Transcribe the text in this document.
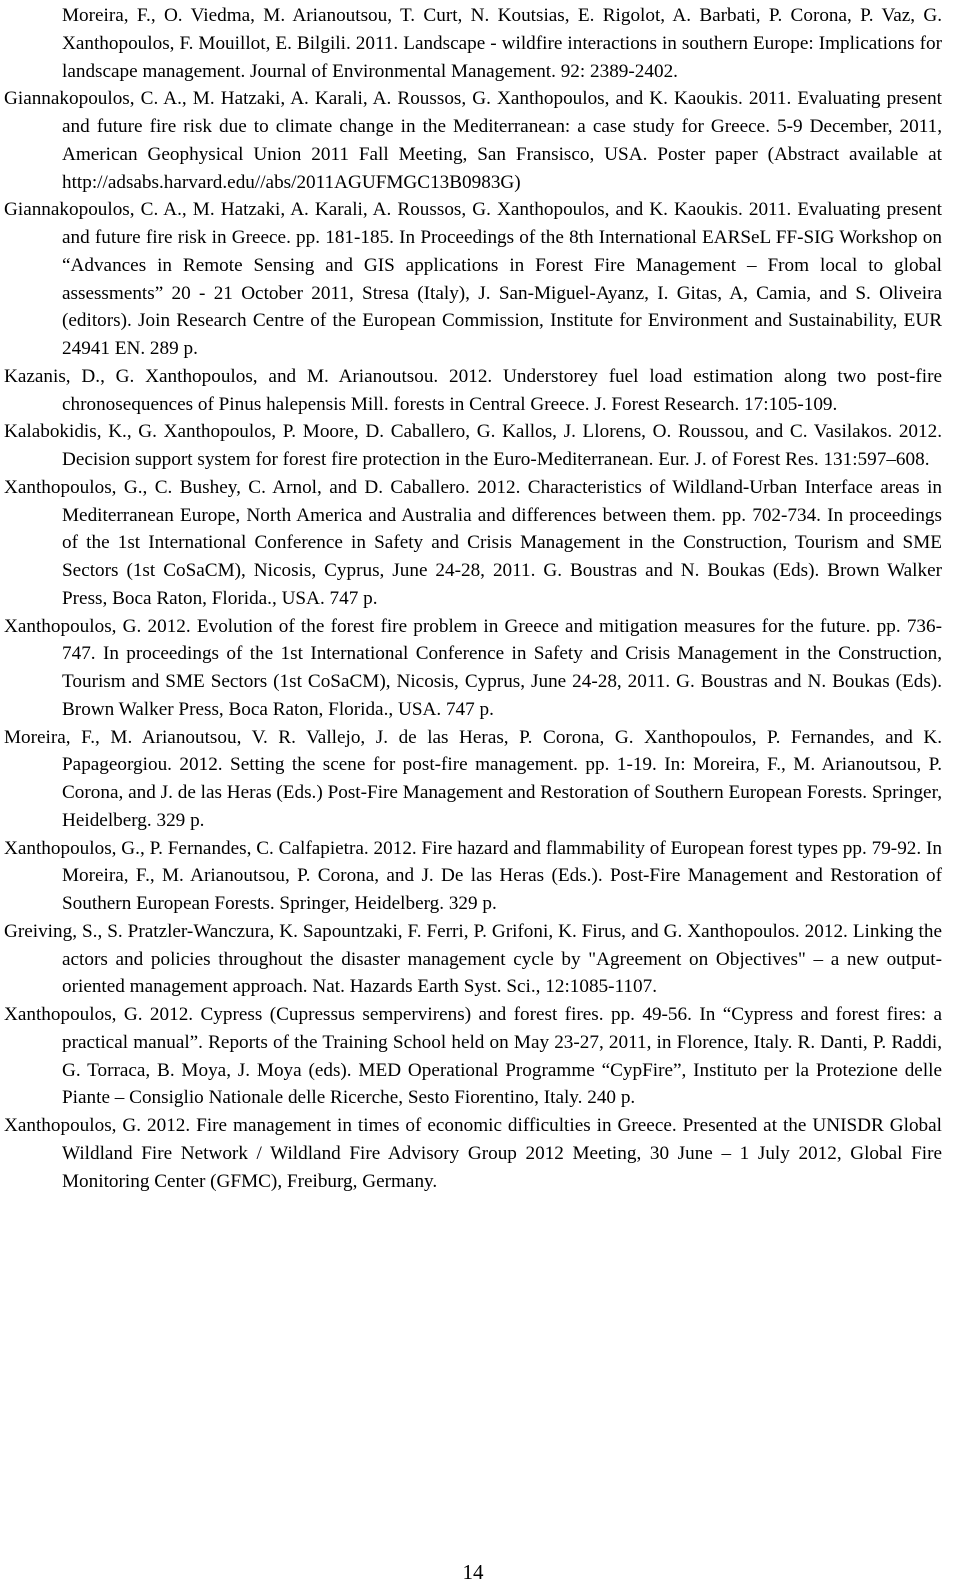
Moreira, F., O. Viedma, M. Arianoutsou, T. Curt, N. Koutsias, E. Rigolot, A. Barbati, P. Corona, P. Vaz, G. Xanthopoulos, F. Mouillot, E. Bilgili. 2011. Landscape - wildfire interactions in southern Europe: Implications for landscape management. Journal of Environmental Management. 92: 2389-2402.
Giannakopoulos, C. A., M. Hatzaki, A. Karali, A. Roussos, G. Xanthopoulos, and K. Kaoukis. 2011. Evaluating present and future fire risk due to climate change in the Mediterranean: a case study for Greece. 5-9 December, 2011, American Geophysical Union 2011 Fall Meeting, San Fransisco, USA. Poster paper (Abstract available at http://adsabs.harvard.edu//abs/2011AGUFMGC13B0983G)
Giannakopoulos, C. A., M. Hatzaki, A. Karali, A. Roussos, G. Xanthopoulos, and K. Kaoukis. 2011. Evaluating present and future fire risk in Greece. pp. 181-185. In Proceedings of the 8th International EARSeL FF-SIG Workshop on “Advances in Remote Sensing and GIS applications in Forest Fire Management – From local to global assessments” 20 - 21 October 2011, Stresa (Italy), J. San-Miguel-Ayanz, I. Gitas, A, Camia, and S. Oliveira (editors). Join Research Centre of the European Commission, Institute for Environment and Sustainability, EUR 24941 EN. 289 p.
Kazanis, D., G. Xanthopoulos, and M. Arianoutsou. 2012. Understorey fuel load estimation along two post-fire chronosequences of Pinus halepensis Mill. forests in Central Greece. J. Forest Research. 17:105-109.
Kalabokidis, K., G. Xanthopoulos, P. Moore, D. Caballero, G. Kallos, J. Llorens, O. Roussou, and C. Vasilakos. 2012. Decision support system for forest fire protection in the Euro-Mediterranean. Eur. J. of Forest Res. 131:597–608.
Xanthopoulos, G., C. Bushey, C. Arnol, and D. Caballero. 2012. Characteristics of Wildland-Urban Interface areas in Mediterranean Europe, North America and Australia and differences between them. pp. 702-734. In proceedings of the 1st International Conference in Safety and Crisis Management in the Construction, Tourism and SME Sectors (1st CoSaCM), Nicosis, Cyprus, June 24-28, 2011. G. Boustras and N. Boukas (Eds). Brown Walker Press, Boca Raton, Florida., USA. 747 p.
Xanthopoulos, G. 2012. Evolution of the forest fire problem in Greece and mitigation measures for the future. pp. 736-747. In proceedings of the 1st International Conference in Safety and Crisis Management in the Construction, Tourism and SME Sectors (1st CoSaCM), Nicosis, Cyprus, June 24-28, 2011. G. Boustras and N. Boukas (Eds). Brown Walker Press, Boca Raton, Florida., USA. 747 p.
Moreira, F., M. Arianoutsou, V. R. Vallejo, J. de las Heras, P. Corona, G. Xanthopoulos, P. Fernandes, and K. Papageorgiou. 2012. Setting the scene for post-fire management. pp. 1-19. In: Moreira, F., M. Arianoutsou, P. Corona, and J. de las Heras (Eds.) Post-Fire Management and Restoration of Southern European Forests. Springer, Heidelberg. 329 p.
Xanthopoulos, G., P. Fernandes, C. Calfapietra. 2012. Fire hazard and flammability of European forest types pp. 79-92. In Moreira, F., M. Arianoutsou, P. Corona, and J. De las Heras (Eds.). Post-Fire Management and Restoration of Southern European Forests. Springer, Heidelberg. 329 p.
Greiving, S., S. Pratzler-Wanczura, K. Sapountzaki, F. Ferri, P. Grifoni, K. Firus, and G. Xanthopoulos. 2012. Linking the actors and policies throughout the disaster management cycle by "Agreement on Objectives" – a new output-oriented management approach. Nat. Hazards Earth Syst. Sci., 12:1085-1107.
Xanthopoulos, G. 2012. Cypress (Cupressus sempervirens) and forest fires. pp. 49-56. In “Cypress and forest fires: a practical manual”. Reports of the Training School held on May 23-27, 2011, in Florence, Italy. R. Danti, P. Raddi, G. Torraca, B. Moya, J. Moya (eds). MED Operational Programme “CypFire”, Instituto per la Protezione delle Piante – Consiglio Nationale delle Ricerche, Sesto Fiorentino, Italy. 240 p.
Xanthopoulos, G. 2012. Fire management in times of economic difficulties in Greece. Presented at the UNISDR Global Wildland Fire Network / Wildland Fire Advisory Group 2012 Meeting, 30 June – 1 July 2012, Global Fire Monitoring Center (GFMC), Freiburg, Germany.
14
